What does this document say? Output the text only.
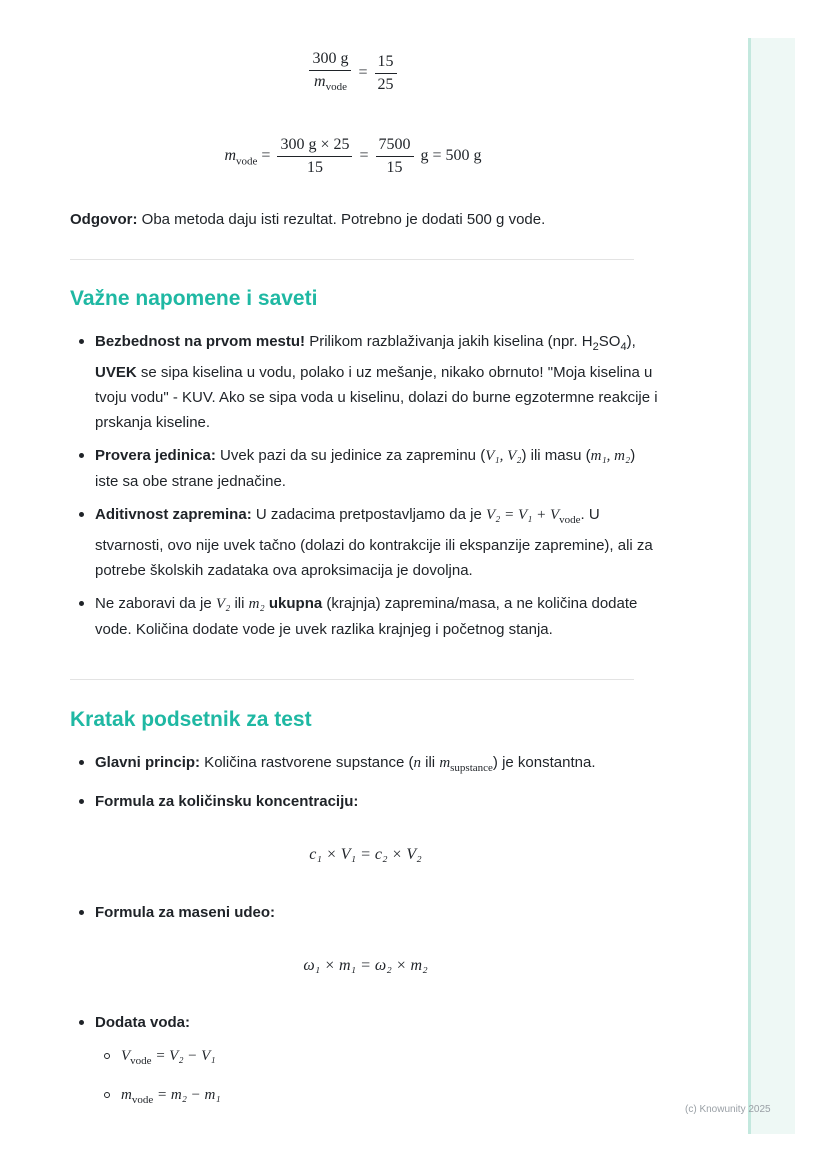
$\frac{300 g}{m_{vode}} = \frac{15}{25}$
$m_{vode} = \frac{300 g \times 25}{15} = \frac{7500}{15}$ g = 500 g
Odgovor: Oba metoda daju isti rezultat. Potrebno je dodati 500 g vode.
Važne napomene i saveti
Bezbednost na prvom mestu! Prilikom razblaživanja jakih kiselina (npr. $H_2SO_4$), UVEK se sipa kiselina u vodu, polako i uz mešanje, nikako obrnuto! "Moja kiselina u tvoju vodu" - KUV. Ako se sipa voda u kiselinu, dolazi do burne egzotermne reakcije i prskanja kiseline.
Provera jedinica: Uvek pazi da su jedinice za zapreminu (V₁, V₂) ili masu (m₁, m₂) iste sa obe strane jednačine.
Aditivnost zapremina: U zadacima pretpostavljamo da je $V_2 = V_1 + V_{vode}$. U stvarnosti, ovo nije uvek tačno (dolazi do kontrakcije ili ekspanzije zapremine), ali za potrebe školskih zadataka ova aproksimacija je dovoljna.
Ne zaboravi da je V₂ ili m₂ ukupna (krajnja) zapremina/masa, a ne količina dodate vode. Količina dodate vode je uvek razlika krajnjeg i početnog stanja.
Kratak podsetnik za test
Glavni princip: Količina rastvorene supstance (n ili $m_{supstance}$) je konstantna.
Formula za količinsku koncentraciju:
c₁ × V₁ = c₂ × V₂
Formula za maseni udeo:
ω₁ × m₁ = ω₂ × m₂
Dodata voda:
$V_{vode} = V_2 - V_1$
$m_{vode} = m_2 - m_1$
(c) Knowunity 2025
